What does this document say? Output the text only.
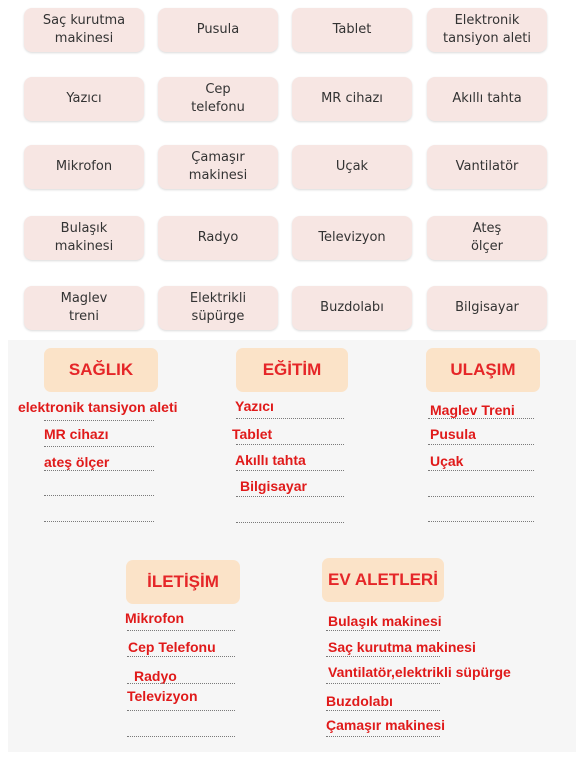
Saç kurutma
makinesi
Pusula	Tablet
Elektronik
tansiyon aleti
Yazıcı
Cep
telefonu
MR cihazı	Akıllı tahta
Mikrofon
Çamaşır
makinesi
Uçak	Vantilatör
Bulaşık
makinesi
Radyo	Televizyon
Ateş
ölçer
Maglev
treni
Elektrikli
süpürge
Buzdolabı	Bilgisayar
SAĞLIK
elektronik tansiyon aleti
MR cihazı
ateş ölçer
EĞİTİM
Yazıcı
Tablet
Akıllı tahta
Bilgisayar
ULAŞIM
Maglev Treni
Pusula
Uçak
İLETİŞİM
Mikrofon
Cep Telefonu
Radyo
Televizyon
EV ALETLERİ
Bulaşık makinesi
Saç kurutma makinesi
Vantilatör,elektrikli süpürge
Buzdolabı
Çamaşır makinesi
